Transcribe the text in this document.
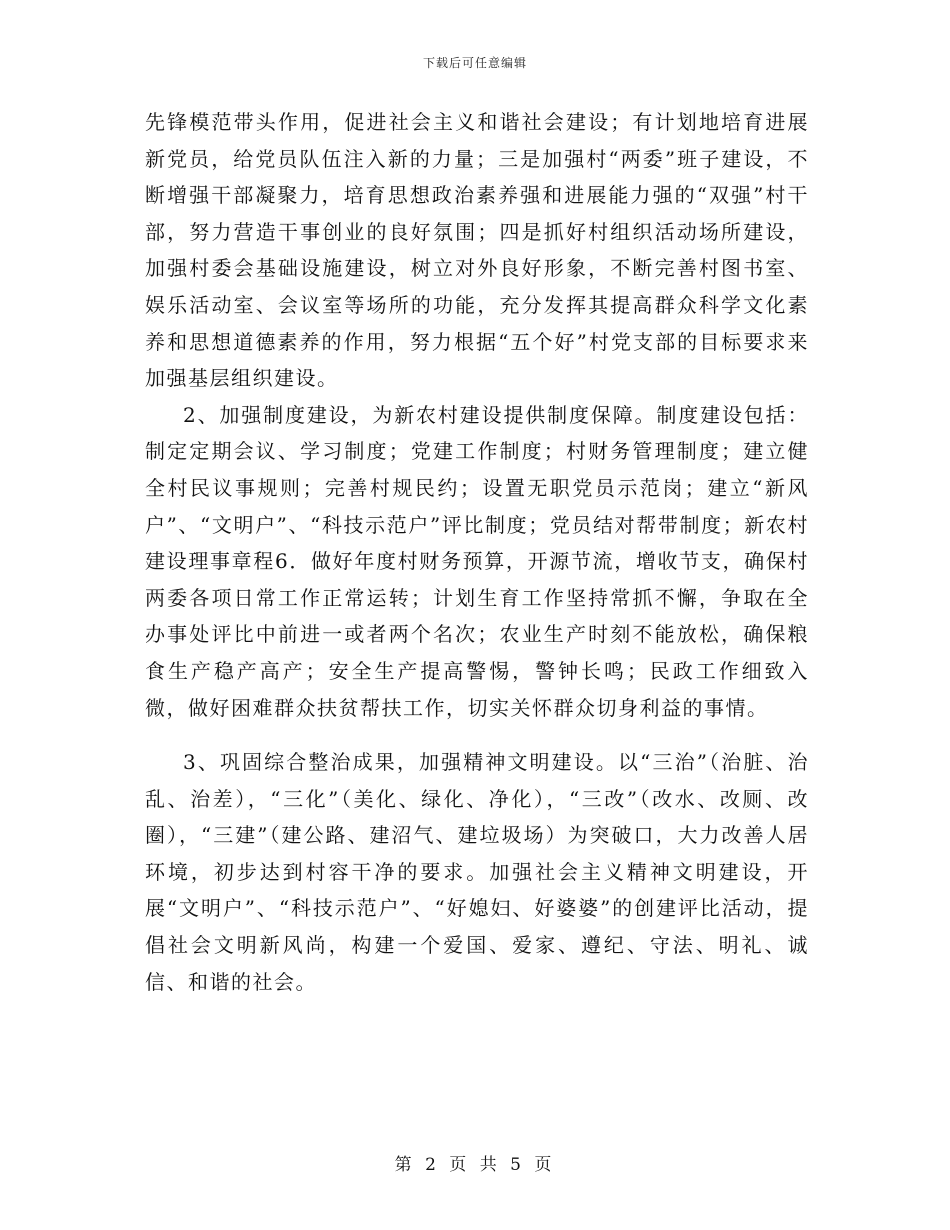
下载后可任意编辑

先锋模范带头作用，促进社会主义和谐社会建设；有计划地培育进展新党员，给党员队伍注入新的力量；三是加强村“两委”班子建设，不断增强干部凝聚力，培育思想政治素养强和进展能力强的“双强”村干部，努力营造干事创业的良好氛围；四是抓好村组织活动场所建设，加强村委会基础设施建设，树立对外良好形象，不断完善村图书室、娱乐活动室、会议室等场所的功能，充分发挥其提高群众科学文化素养和思想道德素养的作用，努力根据“五个好”村党支部的目标要求来加强基层组织建设。

2、加强制度建设，为新农村建设提供制度保障。制度建设包括：制定定期会议、学习制度；党建工作制度；村财务管理制度；建立健全村民议事规则；完善村规民约；设置无职党员示范岗；建立“新风户”、“文明户”、“科技示范户”评比制度；党员结对帮带制度；新农村建设理事章程6．做好年度村财务预算，开源节流，增收节支，确保村两委各项日常工作正常运转；计划生育工作坚持常抓不懈，争取在全办事处评比中前进一或者两个名次；农业生产时刻不能放松，确保粮食生产稳产高产；安全生产提高警惕，警钟长鸣；民政工作细致入微，做好困难群众扶贫帮扶工作，切实关怀群众切身利益的事情。

3、巩固综合整治成果，加强精神文明建设。以“三治”（治脏、治乱、治差），“三化”（美化、绿化、净化），“三改”（改水、改厕、改圈），“三建”（建公路、建沼气、建垃圾场）为突破口，大力改善人居环境，初步达到村容干净的要求。加强社会主义精神文明建设，开展“文明户”、“科技示范户”、“好媳妇、好婆婆”的创建评比活动，提倡社会文明新风尚，构建一个爱国、爱家、遵纪、守法、明礼、诚信、和谐的社会。

第 2 页 共 5 页
